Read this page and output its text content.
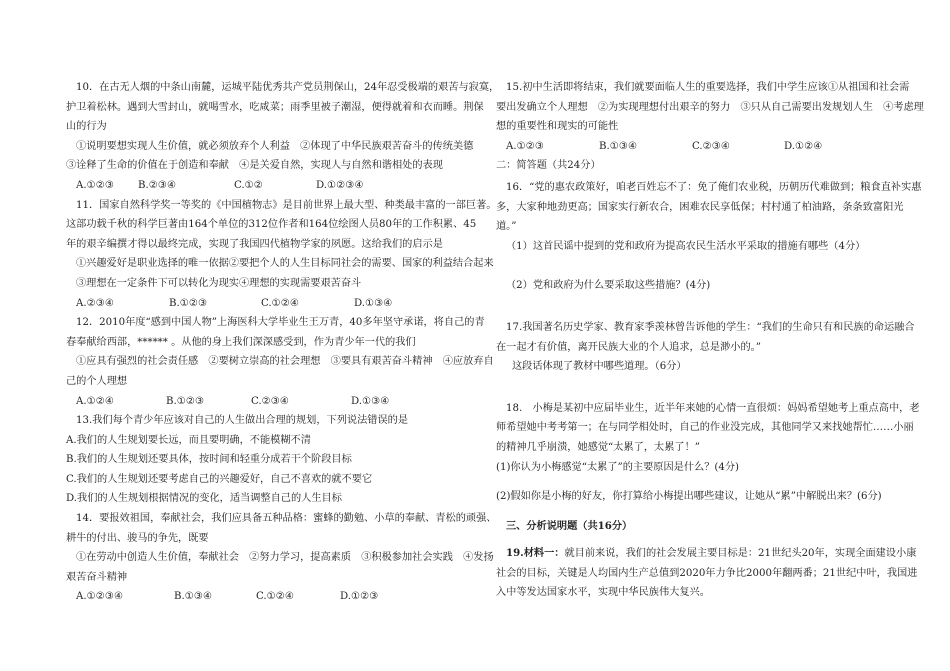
10．在古无人烟的中条山南麓，运城平陆优秀共产党员荆保山，24年忍受极端的艰苦与寂寞，

护卫着松林。遇到大雪封山，就喝雪水，吃咸菜；雨季里被子潮湿，便得就着和衣而睡。荆保

山的行为

①说明要想实现人生价值，就必须放弃个人利益　②体现了中华民族艰苦奋斗的传统美德

③诠释了生命的价值在于创造和奉献　④是关爱自然，实现人与自然和谐相处的表现

A.①②③	B.②③④	C.①②	D.①②③④

11．国家自然科学奖一等奖的《中国植物志》是目前世界上最大型、种类最丰富的一部巨著。

这部功载千秋的科学巨著由164个单位的312位作者和164位绘图人员80年的工作积累、45

年的艰辛编撰才得以最终完成，实现了我国四代植物学家的夙愿。这给我们的启示是

①兴趣爱好是职业选择的唯一依据②要把个人的人生目标同社会的需要、国家的利益结合起来

③理想在一定条件下可以转化为现实④理想的实现需要艰苦奋斗

A.②③④	B.①②③	C.①②④	D.①③④

12．2010年度“感到中国人物”上海医科大学毕业生王万青，40多年坚守承诺，将自己的青

春奉献给西部，****** 。从他的身上我们深深感受到，作为青少年一代的我们

①应具有强烈的社会责任感　②要树立崇高的社会理想　③要具有艰苦奋斗精神　④应放弃自

己的个人理想

A.①②④	B.①②③	C.②③④	D.①③④

13.我们每个青少年应该对自己的人生做出合理的规划，下列说法错误的是

A.我们的人生规划要长远，而且要明确，不能模糊不清

B.我们的人生规划还要具体，按时间和轻重分成若干个阶段目标

C.我们的人生规划还要考虑自己的兴趣爱好，自己不喜欢的就不要它

D.我们的人生规划根据情况的变化，适当调整自己的人生目标

14．要报效祖国，奉献社会，我们应具备五种品格：蜜蜂的勤勉、小草的奉献、青松的顽强、

耕牛的付出、骏马的争先，既要

①在劳动中创造人生价值，奉献社会　②努力学习，提高素质　③积极参加社会实践　④发扬

艰苦奋斗精神

A.①②③④	B.①③④	C.①②④	D.①②③

15.初中生活即将结束，我们就要面临人生的重要选择，我们中学生应该①从祖国和社会需

要出发确立个人理想　②为实现理想付出艰辛的努力　③只从自己需要出发规划人生　④考虑理

想的重要性和现实的可能性

A.①②③	B.①③④	C.②③④	D.①②④

二：简答题（共24分）

16．“党的惠农政策好，咱老百姓忘不了：免了俺们农业税，历朝历代难做到；粮食直补实惠

多，大家种地劲更高；国家实行新农合，困难农民享低保；村村通了柏油路，条条致富阳光

道。”

（1）这首民谣中提到的党和政府为提高农民生活水平采取的措施有哪些（4分）

（2）党和政府为什么要采取这些措施？(4分)

17.我国著名历史学家、教育家季羡林曾告诉他的学生：“我们的生命只有和民族的命运融合

在一起才有价值，离开民族大业的个人追求，总是渺小的。”

这段话体现了教材中哪些道理。（6分）

18.　小梅是某初中应届毕业生，近半年来她的心情一直很烦：妈妈希望她考上重点高中，老

师希望她中考考第一；在与同学相处时，自己的作业没完成，其他同学又来找她帮忙……小丽

的精神几乎崩溃，她感觉“太累了，太累了！”

(1)你认为小梅感觉“太累了”的主要原因是什么？(4分)

(2)假如你是小梅的好友，你打算给小梅提出哪些建议，让她从“累”中解脱出来？(6分)

三、分析说明题（共16分）

19.材料一：就目前来说，我们的社会发展主要目标是：21世纪头20年，实现全面建设小康

社会的目标，关键是人均国内生产总值到2020年力争比2000年翻两番；21世纪中叶，我国进

入中等发达国家水平，实现中华民族伟大复兴。
